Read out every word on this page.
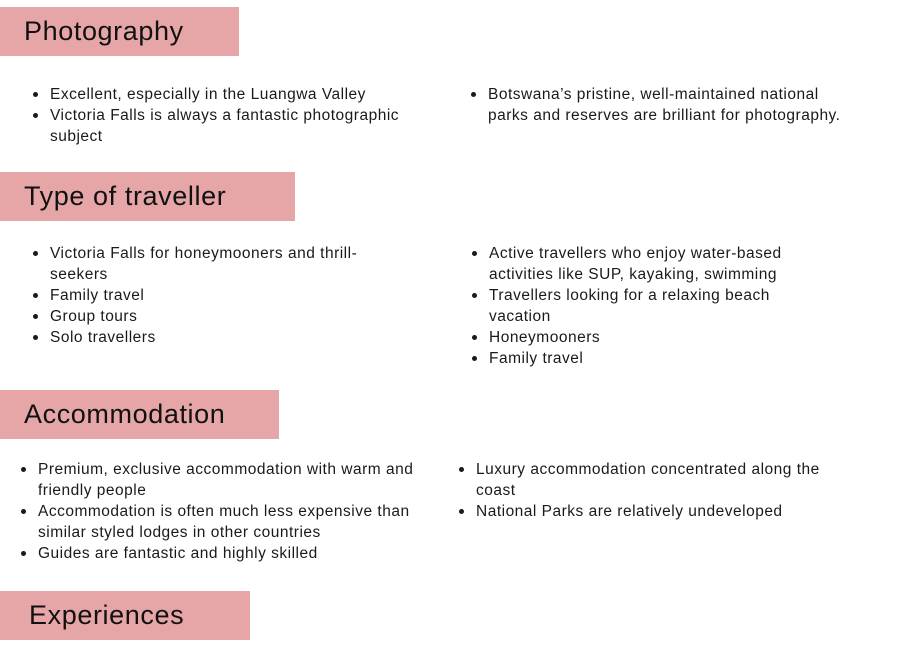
Photography
Excellent, especially in the Luangwa Valley
Victoria Falls is always a fantastic photographic subject
Botswana’s pristine, well-maintained national parks and reserves are brilliant for photography.
Type of traveller
Victoria Falls for honeymooners and thrill-seekers
Family travel
Group tours
Solo travellers
Active travellers who enjoy water-based activities like SUP, kayaking, swimming
Travellers looking for a relaxing beach vacation
Honeymooners
Family travel
Accommodation
Premium, exclusive accommodation with warm and friendly people
Accommodation is often much less expensive than similar styled lodges in other countries
Guides are fantastic and highly skilled
Luxury accommodation concentrated along the coast
National Parks are relatively undeveloped
Experiences
